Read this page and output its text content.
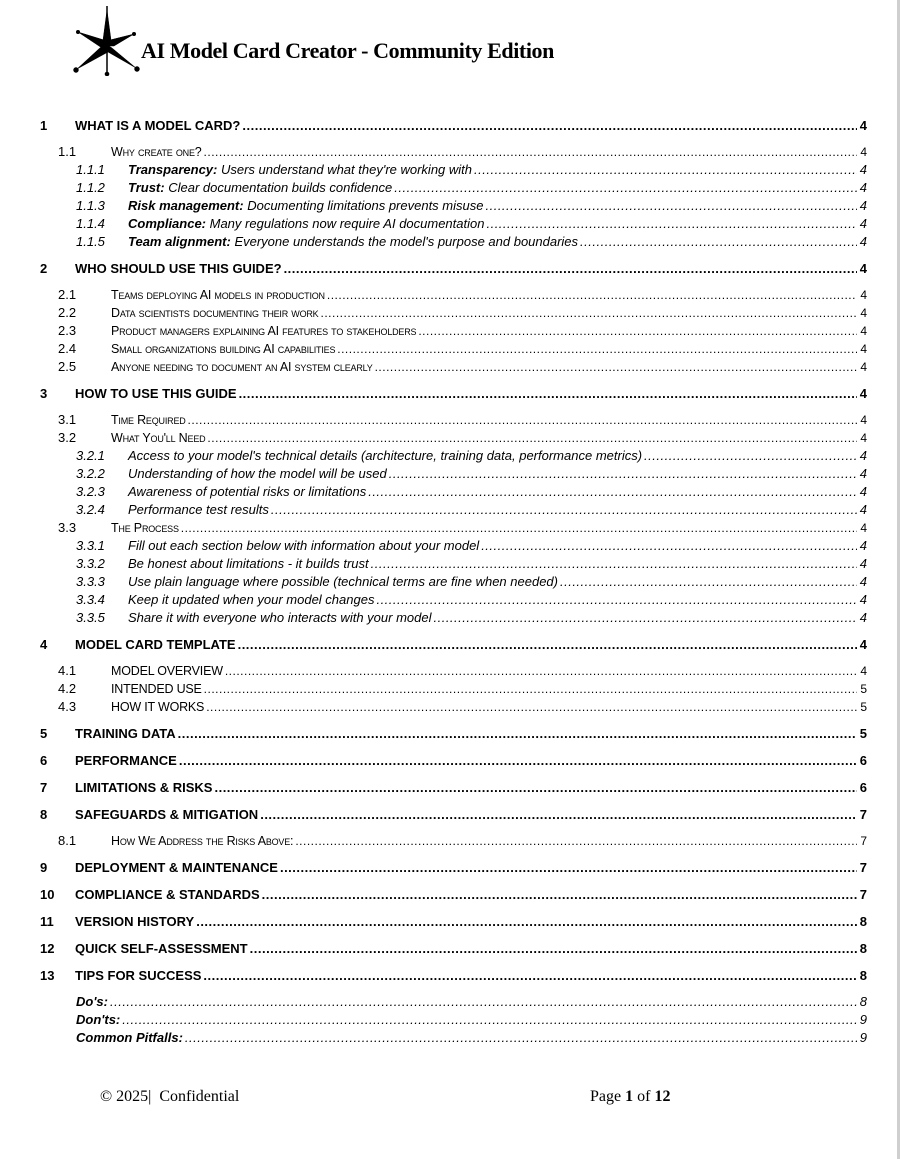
AI Model Card Creator - Community Edition
1	WHAT IS A MODEL CARD? .....	4
1.1	Why create one? .....	4
1.1.1	Transparency: Users understand what they're working with .....	4
1.1.2	Trust: Clear documentation builds confidence .....	4
1.1.3	Risk management: Documenting limitations prevents misuse .....	4
1.1.4	Compliance: Many regulations now require AI documentation .....	4
1.1.5	Team alignment: Everyone understands the model's purpose and boundaries .....	4
2	WHO SHOULD USE THIS GUIDE? .....	4
2.1	Teams deploying AI models in production .....	4
2.2	Data scientists documenting their work .....	4
2.3	Product managers explaining AI features to stakeholders .....	4
2.4	Small organizations building AI capabilities .....	4
2.5	Anyone needing to document an AI system clearly .....	4
3	HOW TO USE THIS GUIDE .....	4
3.1	Time Required .....	4
3.2	What You'll Need .....	4
3.2.1	Access to your model's technical details (architecture, training data, performance metrics) .....	4
3.2.2	Understanding of how the model will be used .....	4
3.2.3	Awareness of potential risks or limitations .....	4
3.2.4	Performance test results .....	4
3.3	The Process .....	4
3.3.1	Fill out each section below with information about your model .....	4
3.3.2	Be honest about limitations - it builds trust .....	4
3.3.3	Use plain language where possible (technical terms are fine when needed) .....	4
3.3.4	Keep it updated when your model changes .....	4
3.3.5	Share it with everyone who interacts with your model .....	4
4	MODEL CARD TEMPLATE .....	4
4.1	MODEL OVERVIEW .....	4
4.2	INTENDED USE .....	5
4.3	HOW IT WORKS .....	5
5	TRAINING DATA .....	5
6	PERFORMANCE .....	6
7	LIMITATIONS & RISKS .....	6
8	SAFEGUARDS & MITIGATION .....	7
8.1	How We Address the Risks Above: .....	7
9	DEPLOYMENT & MAINTENANCE .....	7
10	COMPLIANCE & STANDARDS .....	7
11	VERSION HISTORY .....	8
12	QUICK SELF-ASSESSMENT .....	8
13	TIPS FOR SUCCESS .....	8
Do's: .....	8
Don'ts: .....	9
Common Pitfalls: .....	9
© 2025| Confidential	Page 1 of 12
